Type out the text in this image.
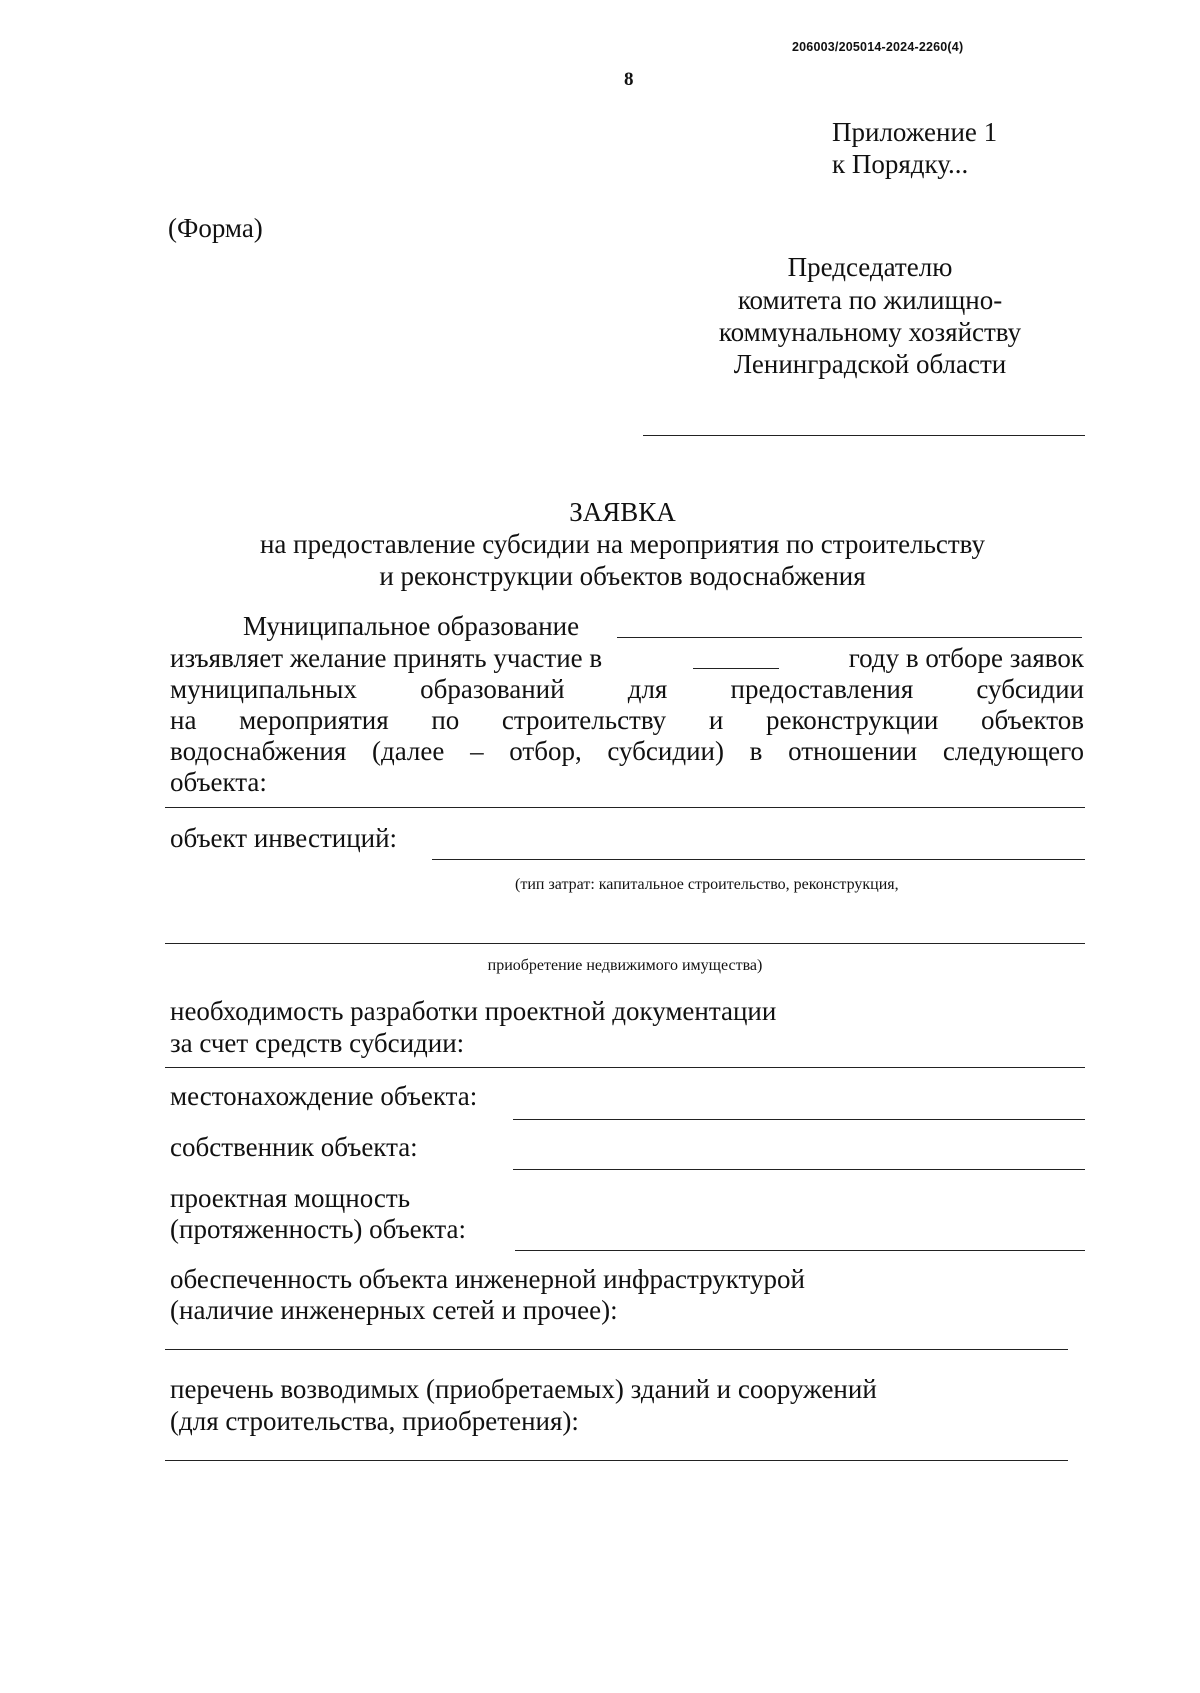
206003/205014-2024-2260(4)
8
Приложение 1
к Порядку...
(Форма)
Председателю
комитета по жилищно-
коммунальному хозяйству
Ленинградской области
ЗАЯВКА
на предоставление субсидии на мероприятия по строительству
и реконструкции объектов водоснабжения
Муниципальное образование
изъявляет желание принять участие в	году в отборе заявок
муниципальных образований для предоставления субсидии
на мероприятия по строительству и реконструкции объектов
водоснабжения (далее – отбор, субсидии) в отношении следующего
объекта:
объект инвестиций:
(тип затрат: капитальное строительство, реконструкция,
приобретение недвижимого имущества)
необходимость разработки проектной документации
за счет средств субсидии:
местонахождение объекта:
собственник объекта:
проектная мощность
(протяженность) объекта:
обеспеченность объекта инженерной инфраструктурой
(наличие инженерных сетей и прочее):
перечень возводимых (приобретаемых) зданий и сооружений
(для строительства, приобретения):
